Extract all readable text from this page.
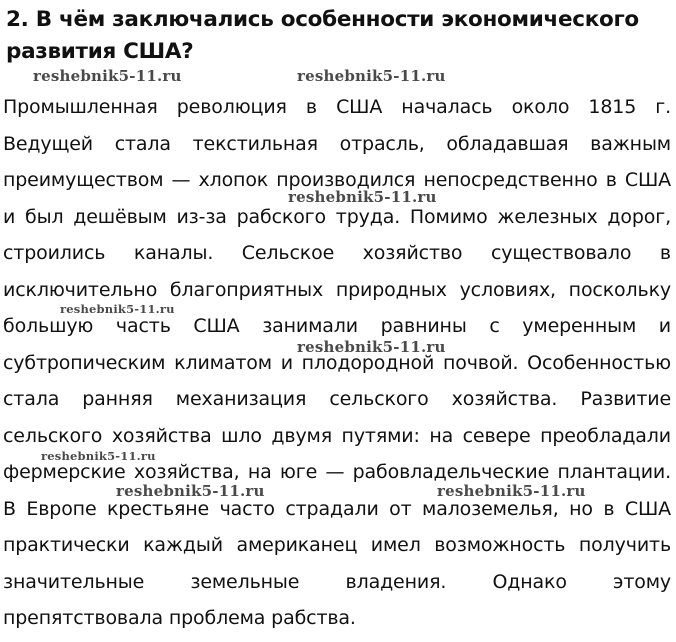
2. В чём заключались особенности экономического развития США?

Промышленная революция в США началась около 1815 г. Ведущей стала текстильная отрасль, обладавшая важным преимуществом — хлопок производился непосредственно в США и был дешёвым из-за рабского труда. Помимо железных дорог, строились каналы. Сельское хозяйство существовало в исключительно благоприятных природных условиях, поскольку большую часть США занимали равнины с умеренным и субтропическим климатом и плодородной почвой. Особенностью стала ранняя механизация сельского хозяйства. Развитие сельского хозяйства шло двумя путями: на севере преобладали фермерские хозяйства, на юге — рабовладельческие плантации. В Европе крестьяне часто страдали от малоземелья, но в США практически каждый американец имел возможность получить значительные земельные владения. Однако этому препятствовала проблема рабства.

reshebnik5-11.ru	reshebnik5-11.ru
reshebnik5-11.ru
reshebnik5-11.ru
reshebnik5-11.ru
reshebnik5-11.ru
reshebnik5-11.ru	reshebnik5-11.ru
